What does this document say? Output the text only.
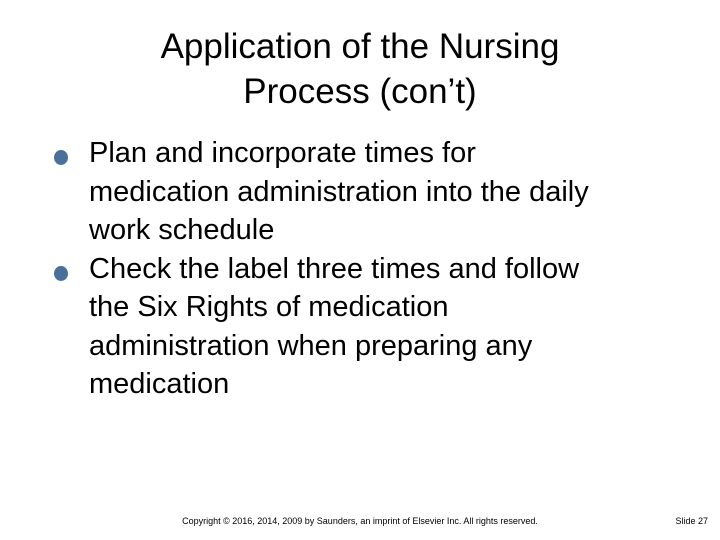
Application of the Nursing
Process (con’t)
Plan and incorporate times for
medication administration into the daily
work schedule
Check the label three times and follow
the Six Rights of medication
administration when preparing any
medication
Copyright © 2016, 2014, 2009 by Saunders, an imprint of Elsevier Inc. All rights reserved.	Slide 27
